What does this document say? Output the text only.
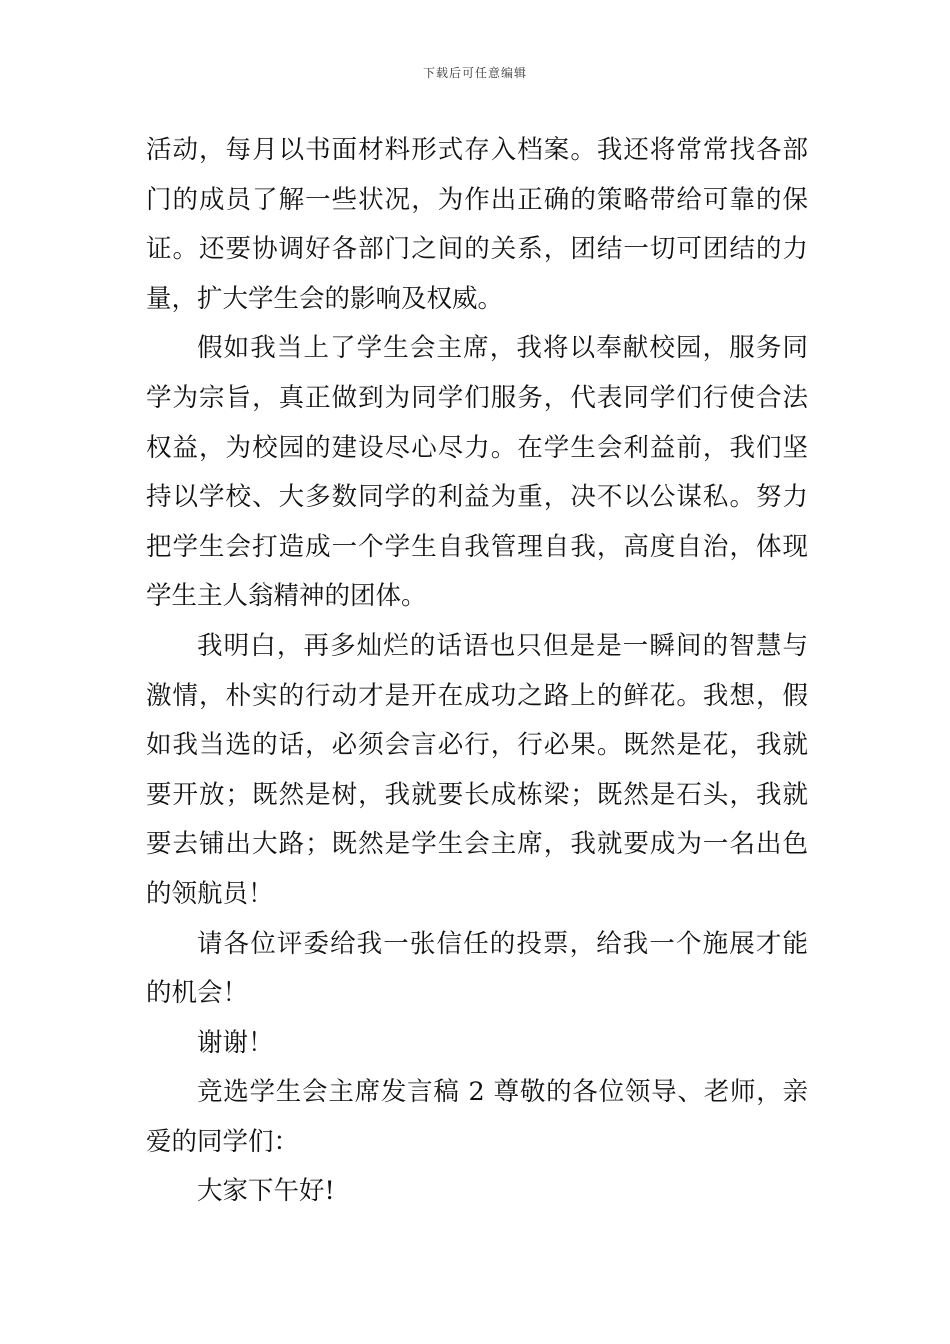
下载后可任意编辑

活动，每月以书面材料形式存入档案。我还将常常找各部门的成员了解一些状况，为作出正确的策略带给可靠的保证。还要协调好各部门之间的关系，团结一切可团结的力量，扩大学生会的影响及权威。

假如我当上了学生会主席，我将以奉献校园，服务同学为宗旨，真正做到为同学们服务，代表同学们行使合法权益，为校园的建设尽心尽力。在学生会利益前，我们坚持以学校、大多数同学的利益为重，决不以公谋私。努力把学生会打造成一个学生自我管理自我，高度自治，体现学生主人翁精神的团体。

我明白，再多灿烂的话语也只但是是一瞬间的智慧与激情，朴实的行动才是开在成功之路上的鲜花。我想，假如我当选的话，必须会言必行，行必果。既然是花，我就要开放；既然是树，我就要长成栋梁；既然是石头，我就要去铺出大路；既然是学生会主席，我就要成为一名出色的领航员！

请各位评委给我一张信任的投票，给我一个施展才能的机会！

谢谢！

竞选学生会主席发言稿 2 尊敬的各位领导、老师，亲爱的同学们：

大家下午好!
